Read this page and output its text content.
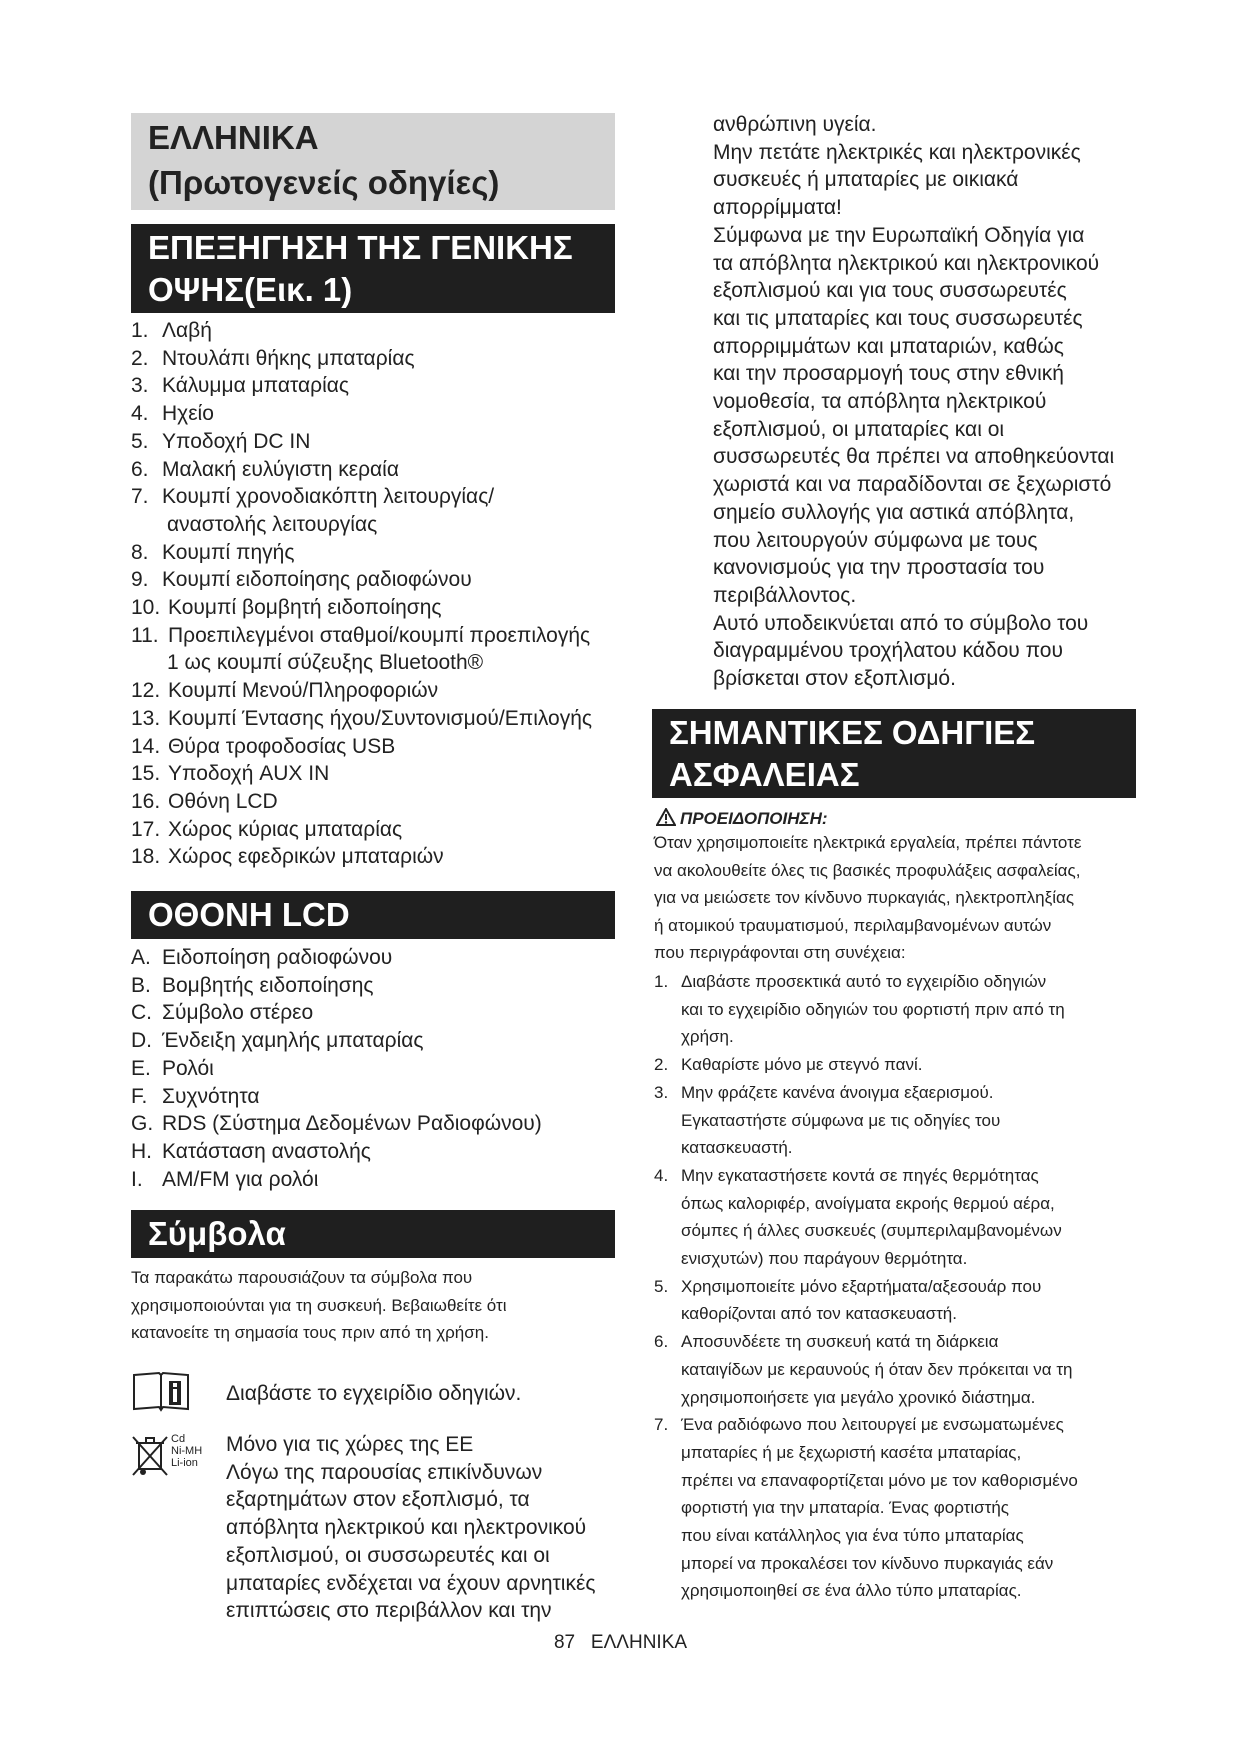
ΕΛΛΗΝΙΚΑ
(Πρωτογενείς οδηγίες)
ΕΠΕΞΗΓΗΣΗ ΤΗΣ ΓΕΝΙΚΗΣ
ΟΨΗΣ(Εικ. 1)
1. Λαβή
2. Ντουλάπι θήκης μπαταρίας
3. Κάλυμμα μπαταρίας
4. Ηχείο
5. Υποδοχή DC IN
6. Μαλακή ευλύγιστη κεραία
7. Κουμπί χρονοδιακόπτη λειτουργίας/
αναστολής λειτουργίας
8. Κουμπί πηγής
9. Κουμπί ειδοποίησης ραδιοφώνου
10. Κουμπί βομβητή ειδοποίησης
11. Προεπιλεγμένοι σταθμοί/κουμπί προεπιλογής
1 ως κουμπί σύζευξης Bluetooth®
12. Κουμπί Μενού/Πληροφοριών
13. Κουμπί Έντασης ήχου/Συντονισμού/Επιλογής
14. Θύρα τροφοδοσίας USB
15. Υποδοχή AUX IN
16. Οθόνη LCD
17. Χώρος κύριας μπαταρίας
18. Χώρος εφεδρικών μπαταριών
ΟΘΟΝΗ LCD
A. Ειδοποίηση ραδιοφώνου
B. Βομβητής ειδοποίησης
C. Σύμβολο στέρεο
D. Ένδειξη χαμηλής μπαταρίας
E. Ρολόι
F. Συχνότητα
G. RDS (Σύστημα Δεδομένων Ραδιοφώνου)
H. Κατάσταση αναστολής
I. AM/FM για ρολόι
Σύμβολα

Τα παρακάτω παρουσιάζουν τα σύμβολα που
χρησιμοποιούνται για τη συσκευή. Βεβαιωθείτε ότι
κατανοείτε τη σημασία τους πριν από τη χρήση.

Διαβάστε το εγχειρίδιο οδηγιών.
Cd
Ni-MH
Li-ion
Μόνο για τις χώρες της ΕΕ
Λόγω της παρουσίας επικίνδυνων
εξαρτημάτων στον εξοπλισμό, τα
απόβλητα ηλεκτρικού και ηλεκτρονικού
εξοπλισμού, οι συσσωρευτές και οι
μπαταρίες ενδέχεται να έχουν αρνητικές
επιπτώσεις στο περιβάλλον και την
ανθρώπινη υγεία.
Μην πετάτε ηλεκτρικές και ηλεκτρονικές
συσκευές ή μπαταρίες με οικιακά
απορρίμματα!
Σύμφωνα με την Ευρωπαϊκή Οδηγία για
τα απόβλητα ηλεκτρικού και ηλεκτρονικού
εξοπλισμού και για τους συσσωρευτές
και τις μπαταρίες και τους συσσωρευτές
απορριμμάτων και μπαταριών, καθώς
και την προσαρμογή τους στην εθνική
νομοθεσία, τα απόβλητα ηλεκτρικού
εξοπλισμού, οι μπαταρίες και οι
συσσωρευτές θα πρέπει να αποθηκεύονται
χωριστά και να παραδίδονται σε ξεχωριστό
σημείο συλλογής για αστικά απόβλητα,
που λειτουργούν σύμφωνα με τους
κανονισμούς για την προστασία του
περιβάλλοντος.
Αυτό υποδεικνύεται από το σύμβολο του
διαγραμμένου τροχήλατου κάδου που
βρίσκεται στον εξοπλισμό.
ΣΗΜΑΝΤΙΚΕΣ ΟΔΗΓΙΕΣ
ΑΣΦΑΛΕΙΑΣ
ΠΡΟΕΙΔΟΠΟΙΗΣΗ:

Όταν χρησιμοποιείτε ηλεκτρικά εργαλεία, πρέπει πάντοτε
να ακολουθείτε όλες τις βασικές προφυλάξεις ασφαλείας,
για να μειώσετε τον κίνδυνο πυρκαγιάς, ηλεκτροπληξίας
ή ατομικού τραυματισμού, περιλαμβανομένων αυτών
που περιγράφονται στη συνέχεια:

1. Διαβάστε προσεκτικά αυτό το εγχειρίδιο οδηγιών
και το εγχειρίδιο οδηγιών του φορτιστή πριν από τη
χρήση.
2. Καθαρίστε μόνο με στεγνό πανί.
3. Μην φράζετε κανένα άνοιγμα εξαερισμού.
Εγκαταστήστε σύμφωνα με τις οδηγίες του
κατασκευαστή.
4. Μην εγκαταστήσετε κοντά σε πηγές θερμότητας
όπως καλοριφέρ, ανοίγματα εκροής θερμού αέρα,
σόμπες ή άλλες συσκευές (συμπεριλαμβανομένων
ενισχυτών) που παράγουν θερμότητα.
5. Χρησιμοποιείτε μόνο εξαρτήματα/αξεσουάρ που
καθορίζονται από τον κατασκευαστή.
6. Αποσυνδέετε τη συσκευή κατά τη διάρκεια
καταιγίδων με κεραυνούς ή όταν δεν πρόκειται να τη
χρησιμοποιήσετε για μεγάλο χρονικό διάστημα.
7. Ένα ραδιόφωνο που λειτουργεί με ενσωματωμένες
μπαταρίες ή με ξεχωριστή κασέτα μπαταρίας,
πρέπει να επαναφορτίζεται μόνο με τον καθορισμένο
φορτιστή για την μπαταρία. Ένας φορτιστής
που είναι κατάλληλος για ένα τύπο μπαταρίας
μπορεί να προκαλέσει τον κίνδυνο πυρκαγιάς εάν
χρησιμοποιηθεί σε ένα άλλο τύπο μπαταρίας.
87 ΕΛΛΗΝΙΚΑ
